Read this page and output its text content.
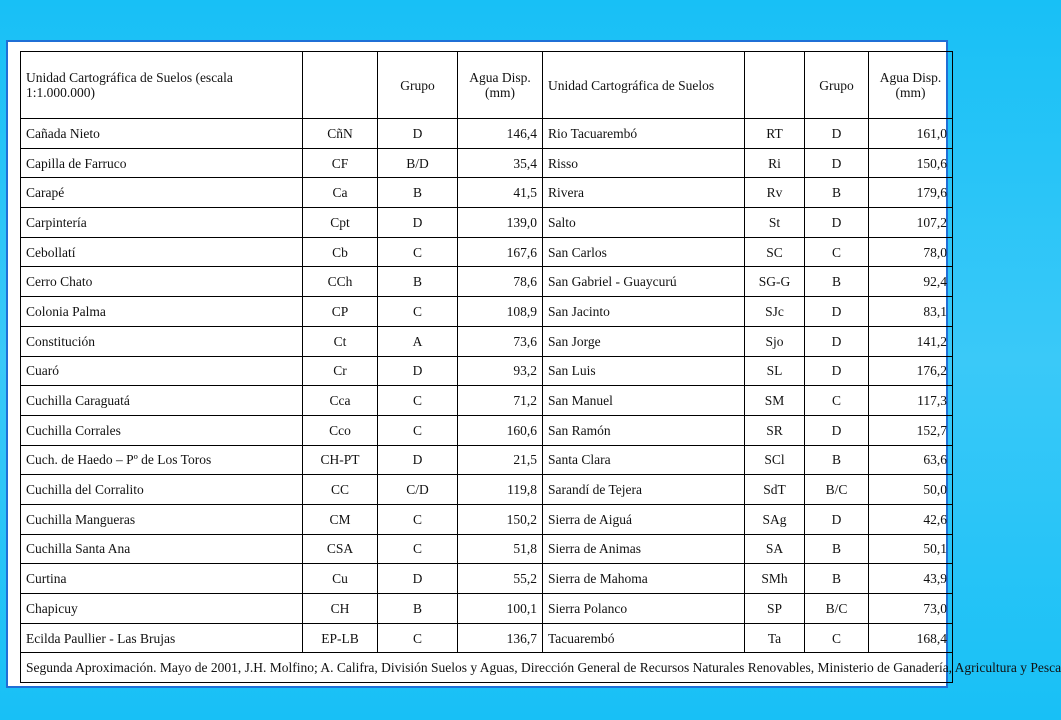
Unidad Cartográfica de Suelos (escala 1:1.000.000)		Grupo	Agua Disp. (mm)	Unidad Cartográfica de Suelos		Grupo	Agua Disp. (mm)
Cañada Nieto	CñN	D	146,4	Rio Tacuarembó	RT	D	161,0
Capilla de Farruco	CF	B/D	35,4	Risso	Ri	D	150,6
Carapé	Ca	B	41,5	Rivera	Rv	B	179,6
Carpintería	Cpt	D	139,0	Salto	St	D	107,2
Cebollatí	Cb	C	167,6	San Carlos	SC	C	78,0
Cerro Chato	CCh	B	78,6	San Gabriel - Guaycurú	SG-G	B	92,4
Colonia Palma	CP	C	108,9	San Jacinto	SJc	D	83,1
Constitución	Ct	A	73,6	San Jorge	Sjo	D	141,2
Cuaró	Cr	D	93,2	San Luis	SL	D	176,2
Cuchilla Caraguatá	Cca	C	71,2	San Manuel	SM	C	117,3
Cuchilla Corrales	Cco	C	160,6	San Ramón	SR	D	152,7
Cuch. de Haedo – Pº de Los Toros	CH-PT	D	21,5	Santa Clara	SCl	B	63,6
Cuchilla del Corralito	CC	C/D	119,8	Sarandí de Tejera	SdT	B/C	50,0
Cuchilla Mangueras	CM	C	150,2	Sierra de Aiguá	SAg	D	42,6
Cuchilla Santa Ana	CSA	C	51,8	Sierra de Animas	SA	B	50,1
Curtina	Cu	D	55,2	Sierra de Mahoma	SMh	B	43,9
Chapicuy	CH	B	100,1	Sierra Polanco	SP	B/C	73,0
Ecilda Paullier - Las Brujas	EP-LB	C	136,7	Tacuarembó	Ta	C	168,4
Segunda Aproximación. Mayo de 2001, J.H. Molfino; A. Califra, División Suelos y Aguas, Dirección General de Recursos Naturales Renovables, Ministerio de Ganadería, Agricultura y Pesca							
